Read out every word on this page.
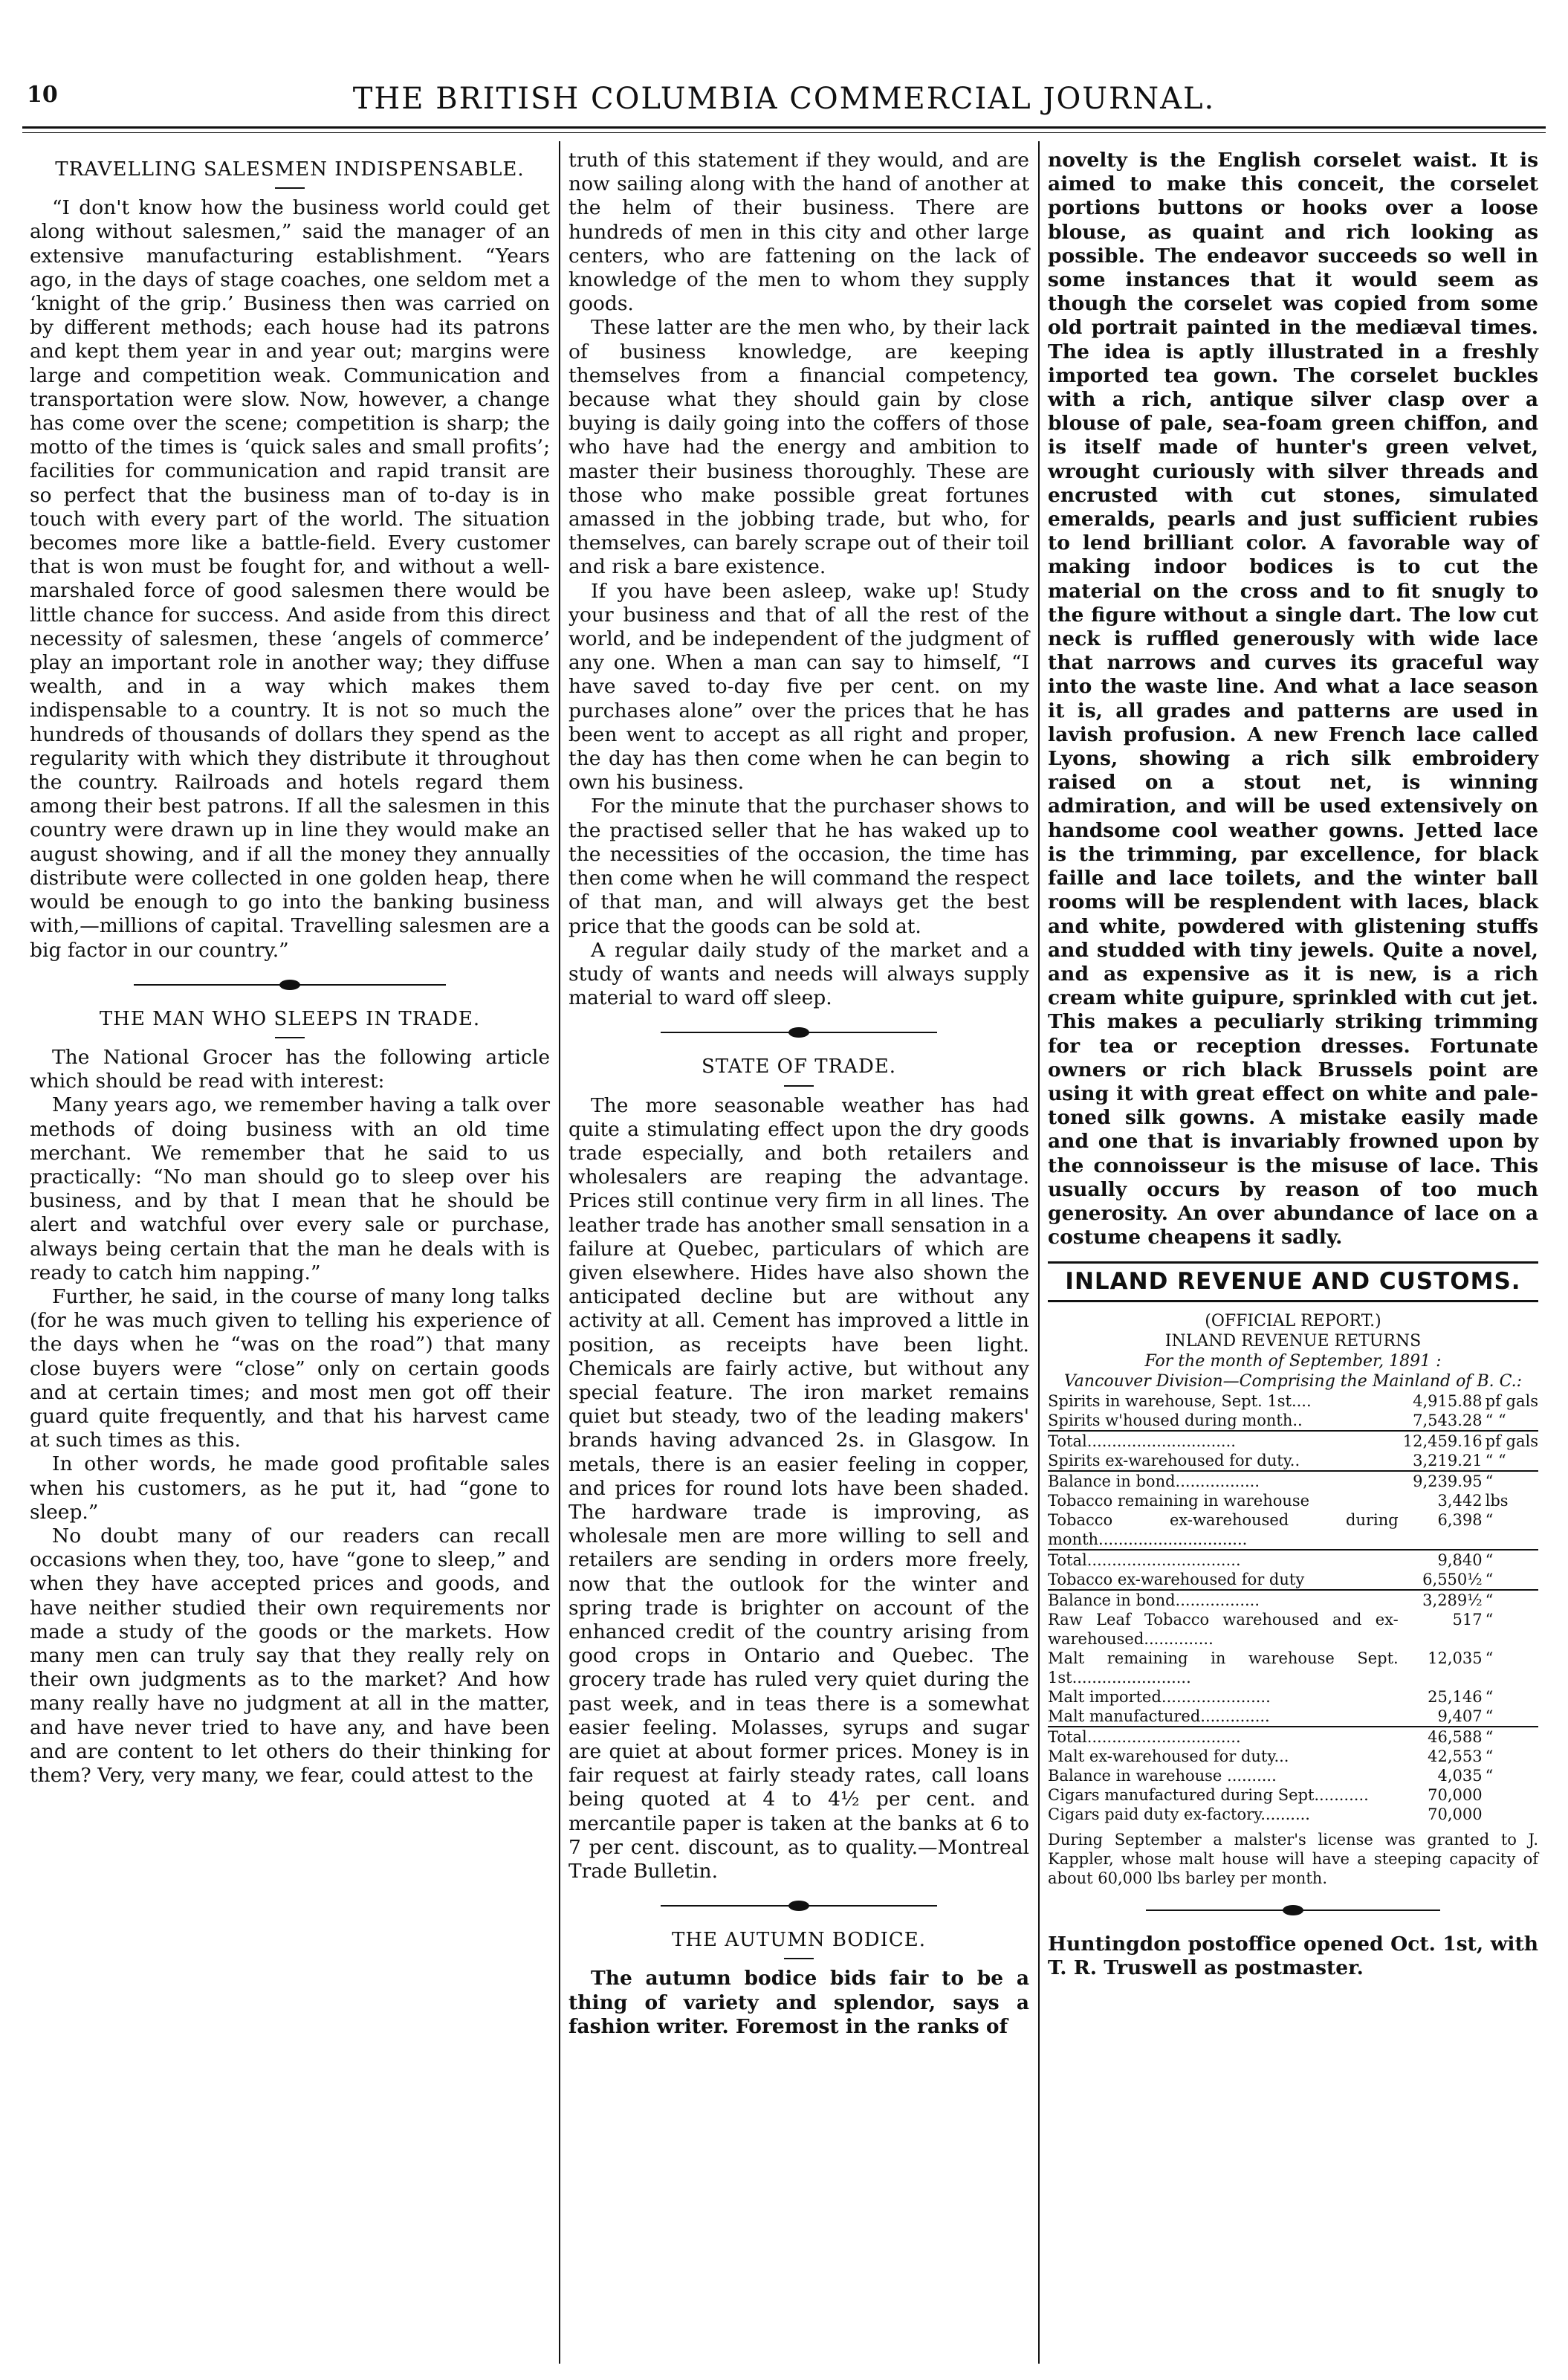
10	THE BRITISH COLUMBIA COMMERCIAL JOURNAL.
TRAVELLING SALESMEN INDISPENSABLE.

“I don't know how the business world could get along without salesmen,” said the manager of an extensive manufacturing establishment. “Years ago, in the days of stage coaches, one seldom met a ‘knight of the grip.’ Business then was carried on by different methods; each house had its patrons and kept them year in and year out; margins were large and competition weak. Communication and transportation were slow. Now, however, a change has come over the scene; competition is sharp; the motto of the times is ‘quick sales and small profits’; facilities for communication and rapid transit are so perfect that the business man of to-day is in touch with every part of the world. The situation becomes more like a battle-field. Every customer that is won must be fought for, and without a well-marshaled force of good salesmen there would be little chance for success. And aside from this direct necessity of salesmen, these ‘angels of commerce’ play an important role in another way; they diffuse wealth, and in a way which makes them indispensable to a country. It is not so much the hundreds of thousands of dollars they spend as the regularity with which they distribute it throughout the country. Railroads and hotels regard them among their best patrons. If all the salesmen in this country were drawn up in line they would make an august showing, and if all the money they annually distribute were collected in one golden heap, there would be enough to go into the banking business with,—millions of capital. Travelling salesmen are a big factor in our country.”

THE MAN WHO SLEEPS IN TRADE.

The National Grocer has the following article which should be read with interest:

Many years ago, we remember having a talk over methods of doing business with an old time merchant. We remember that he said to us practically: “No man should go to sleep over his business, and by that I mean that he should be alert and watchful over every sale or purchase, always being certain that the man he deals with is ready to catch him napping.”

Further, he said, in the course of many long talks (for he was much given to telling his experience of the days when he “was on the road”) that many close buyers were “close” only on certain goods and at certain times; and most men got off their guard quite frequently, and that his harvest came at such times as this.

In other words, he made good profitable sales when his customers, as he put it, had “gone to sleep.”

No doubt many of our readers can recall occasions when they, too, have “gone to sleep,” and when they have accepted prices and goods, and have neither studied their own requirements nor made a study of the goods or the markets. How many men can truly say that they really rely on their own judgments as to the market? And how many really have no judgment at all in the matter, and have never tried to have any, and have been and are content to let others do their thinking for them? Very, very many, we fear, could attest to the

truth of this statement if they would, and are now sailing along with the hand of another at the helm of their business. There are hundreds of men in this city and other large centers, who are fattening on the lack of knowledge of the men to whom they supply goods.

These latter are the men who, by their lack of business knowledge, are keeping themselves from a financial competency, because what they should gain by close buying is daily going into the coffers of those who have had the energy and ambition to master their business thoroughly. These are those who make possible great fortunes amassed in the jobbing trade, but who, for themselves, can barely scrape out of their toil and risk a bare existence.

If you have been asleep, wake up! Study your business and that of all the rest of the world, and be independent of the judgment of any one. When a man can say to himself, “I have saved to-day five per cent. on my purchases alone” over the prices that he has been went to accept as all right and proper, the day has then come when he can begin to own his business.

For the minute that the purchaser shows to the practised seller that he has waked up to the necessities of the occasion, the time has then come when he will command the respect of that man, and will always get the best price that the goods can be sold at.

A regular daily study of the market and a study of wants and needs will always supply material to ward off sleep.

STATE OF TRADE.

The more seasonable weather has had quite a stimulating effect upon the dry goods trade especially, and both retailers and wholesalers are reaping the advantage. Prices still continue very firm in all lines. The leather trade has another small sensation in a failure at Quebec, particulars of which are given elsewhere. Hides have also shown the anticipated decline but are without any activity at all. Cement has improved a little in position, as receipts have been light. Chemicals are fairly active, but without any special feature. The iron market remains quiet but steady, two of the leading makers' brands having advanced 2s. in Glasgow. In metals, there is an easier feeling in copper, and prices for round lots have been shaded. The hardware trade is improving, as wholesale men are more willing to sell and retailers are sending in orders more freely, now that the outlook for the winter and spring trade is brighter on account of the enhanced credit of the country arising from good crops in Ontario and Quebec. The grocery trade has ruled very quiet during the past week, and in teas there is a somewhat easier feeling. Molasses, syrups and sugar are quiet at about former prices. Money is in fair request at fairly steady rates, call loans being quoted at 4 to 4½ per cent. and mercantile paper is taken at the banks at 6 to 7 per cent. discount, as to quality.—Montreal Trade Bulletin.

THE AUTUMN BODICE.

The autumn bodice bids fair to be a thing of variety and splendor, says a fashion writer. Foremost in the ranks of

novelty is the English corselet waist. It is aimed to make this conceit, the corselet portions buttons or hooks over a loose blouse, as quaint and rich looking as possible. The endeavor succeeds so well in some instances that it would seem as though the corselet was copied from some old portrait painted in the mediæval times. The idea is aptly illustrated in a freshly imported tea gown. The corselet buckles with a rich, antique silver clasp over a blouse of pale, sea-foam green chiffon, and is itself made of hunter's green velvet, wrought curiously with silver threads and encrusted with cut stones, simulated emeralds, pearls and just sufficient rubies to lend brilliant color. A favorable way of making indoor bodices is to cut the material on the cross and to fit snugly to the figure without a single dart. The low cut neck is ruffled generously with wide lace that narrows and curves its graceful way into the waste line. And what a lace season it is, all grades and patterns are used in lavish profusion. A new French lace called Lyons, showing a rich silk embroidery raised on a stout net, is winning admiration, and will be used extensively on handsome cool weather gowns. Jetted lace is the trimming, par excellence, for black faille and lace toilets, and the winter ball rooms will be resplendent with laces, black and white, powdered with glistening stuffs and studded with tiny jewels. Quite a novel, and as expensive as it is new, is a rich cream white guipure, sprinkled with cut jet. This makes a peculiarly striking trimming for tea or reception dresses. Fortunate owners or rich black Brussels point are using it with great effect on white and pale-toned silk gowns. A mistake easily made and one that is invariably frowned upon by the connoisseur is the misuse of lace. This usually occurs by reason of too much generosity. An over abundance of lace on a costume cheapens it sadly.

INLAND REVENUE AND CUSTOMS.
(OFFICIAL REPORT.)
INLAND REVENUE RETURNS
For the month of September, 1891 :
Vancouver Division—Comprising the Mainland of B. C.:
Spirits in warehouse, Sept. 1st....	4,915.88	pf gals
Spirits w'housed during month..	7,543.28	“ “
Total..............................	12,459.16	pf gals
Spirits ex-warehoused for duty..	3,219.21	“ “
Balance in bond.................	9,239.95	“
Tobacco remaining in warehouse	3,442	lbs
Tobacco ex-warehoused during month..............................	6,398	“
Total...............................	9,840	“
Tobacco ex-warehoused for duty	6,550½	“
Balance in bond.................	3,289½	“
Raw Leaf Tobacco warehoused and ex-warehoused..............	517	“
Malt remaining in warehouse Sept. 1st........................	12,035	“
Malt imported......................	25,146	“
Malt manufactured..............	9,407	“
Total...............................	46,588	“
Malt ex-warehoused for duty...	42,553	“
Balance in warehouse ..........	4,035	“
Cigars manufactured during Sept...........	70,000	
Cigars paid duty ex-factory..........	70,000	
During September a malster's license was granted to J. Kappler, whose malt house will have a steeping capacity of about 60,000 lbs barley per month.

Huntingdon postoffice opened Oct. 1st, with T. R. Truswell as postmaster.
